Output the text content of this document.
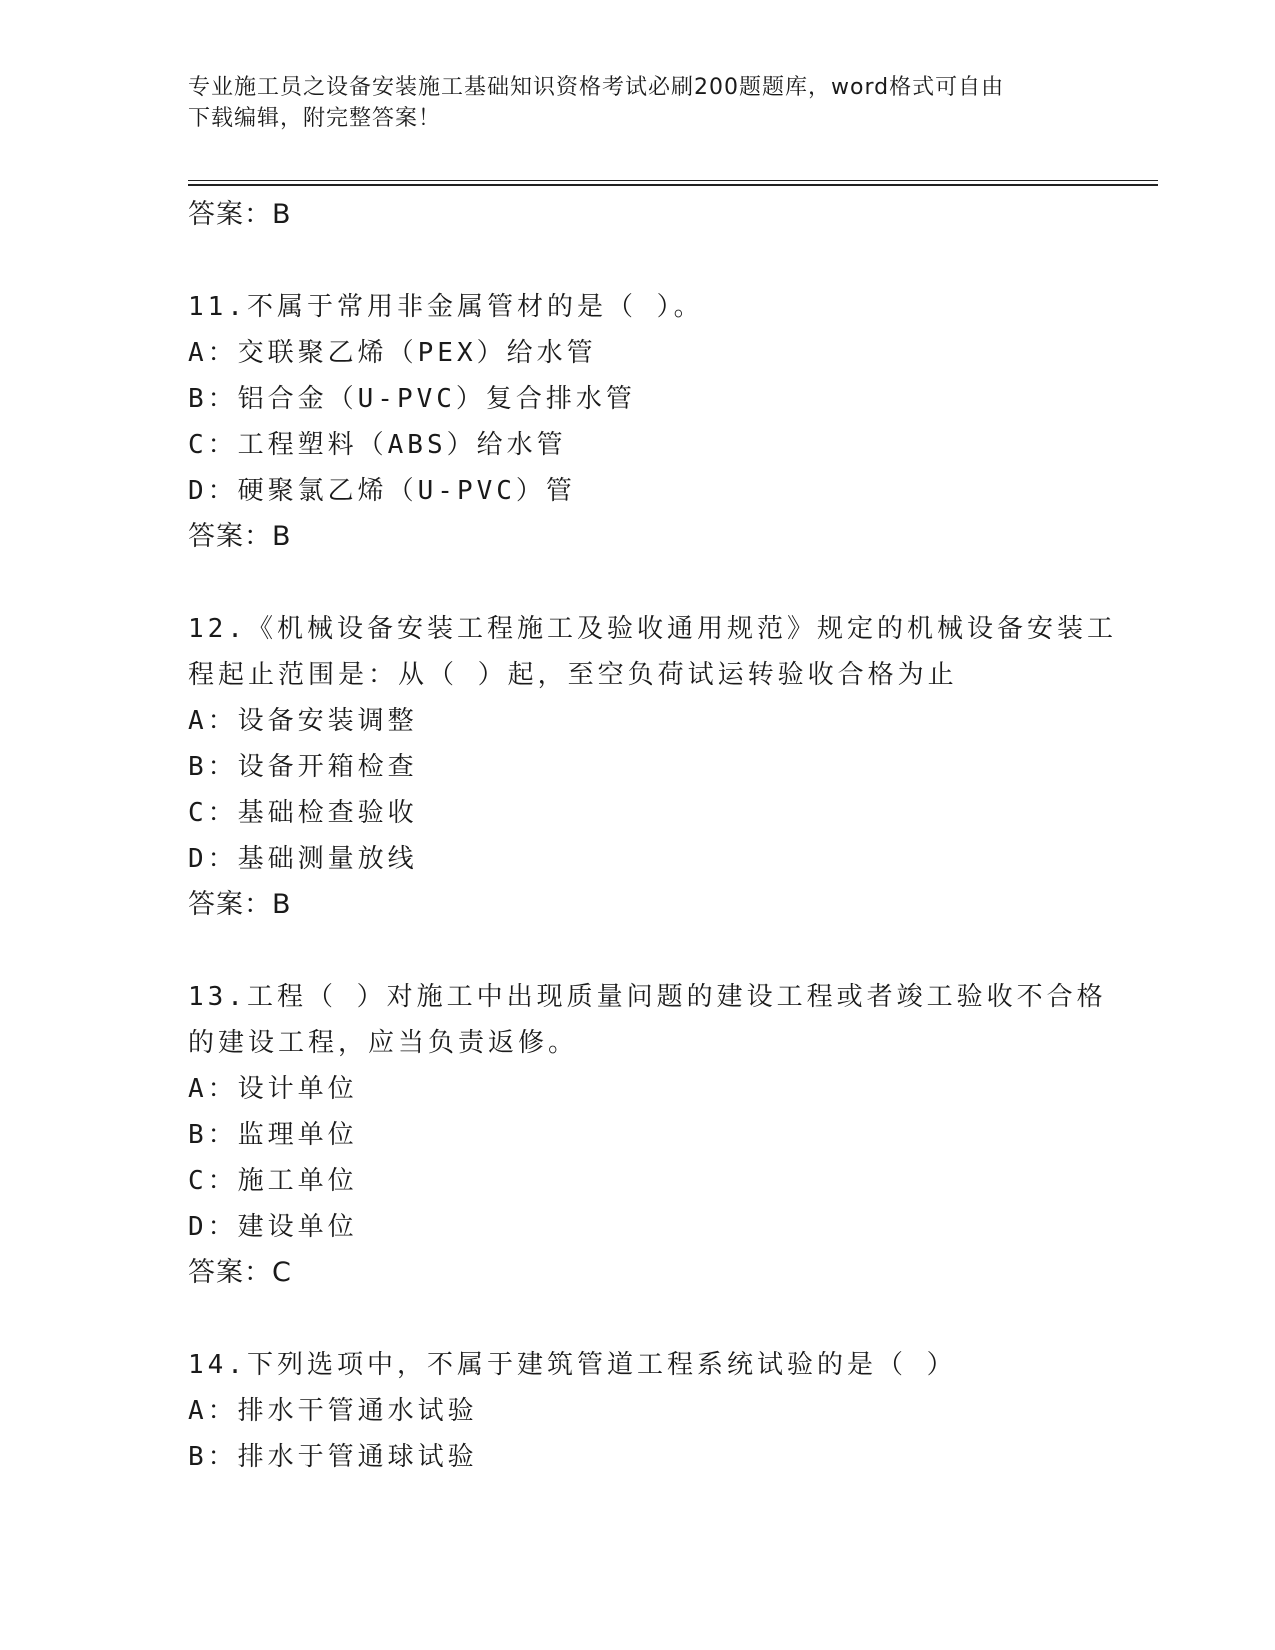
专业施工员之设备安装施工基础知识资格考试必刷200题题库，word格式可自由
下载编辑，附完整答案！
答案：B
11.不属于常用非金属管材的是（ ）。
A：交联聚乙烯（PEX）给水管
B：铝合金（U-PVC）复合排水管
C：工程塑料（ABS）给水管
D：硬聚氯乙烯（U-PVC）管
答案：B
12.《机械设备安装工程施工及验收通用规范》规定的机械设备安装工
程起止范围是：从（ ）起，至空负荷试运转验收合格为止
A：设备安装调整
B：设备开箱检查
C：基础检查验收
D：基础测量放线
答案：B
13.工程（ ）对施工中出现质量问题的建设工程或者竣工验收不合格
的建设工程，应当负责返修。
A：设计单位
B：监理单位
C：施工单位
D：建设单位
答案：C
14.下列选项中，不属于建筑管道工程系统试验的是（ ）
A：排水干管通水试验
B：排水于管通球试验
